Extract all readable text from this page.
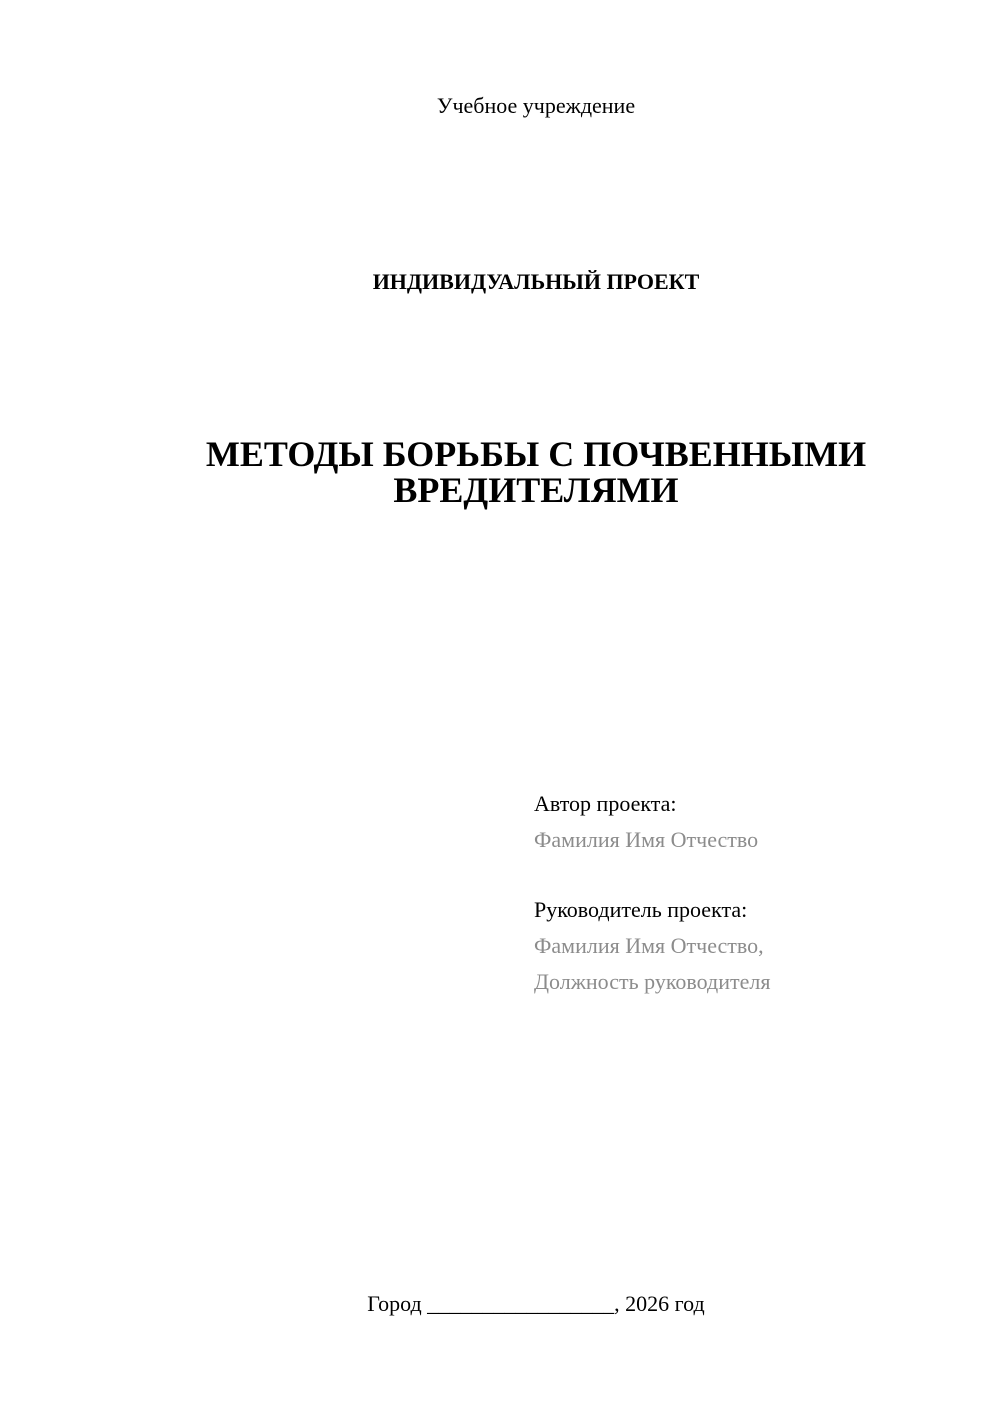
Учебное учреждение
ИНДИВИДУАЛЬНЫЙ ПРОЕКТ
МЕТОДЫ БОРЬБЫ С ПОЧВЕННЫМИ
ВРЕДИТЕЛЯМИ
Автор проекта:
Фамилия Имя Отчество
Руководитель проекта:
Фамилия Имя Отчество,
Должность руководителя
Город _________________, 2026 год
